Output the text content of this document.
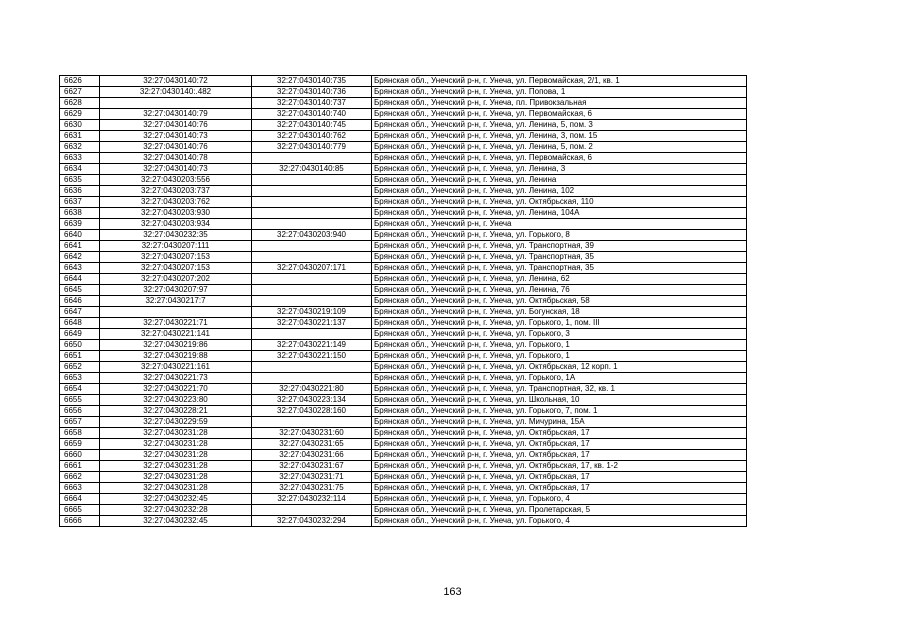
6626	32:27:0430140:72	32:27:0430140:735	Брянская обл., Унечский р-н, г. Унеча, ул. Первомайская, 2/1, кв. 1
6627	32:27:0430140:.482	32:27:0430140:736	Брянская обл., Унечский р-н, г. Унеча, ул. Попова, 1
6628		32:27:0430140:737	Брянская обл., Унечский р-н, г. Унеча, пл. Привокзальная
6629	32:27:0430140:79	32:27:0430140:740	Брянская обл., Унечский р-н, г. Унеча, ул. Первомайская, 6
6630	32:27:0430140:76	32:27:0430140:745	Брянская обл., Унечский р-н, г. Унеча, ул. Ленина, 5, пом. 3
6631	32:27:0430140:73	32:27:0430140:762	Брянская обл., Унечский р-н, г. Унеча, ул. Ленина, 3, пом. 15
6632	32:27:0430140:76	32:27:0430140:779	Брянская обл., Унечский р-н, г. Унеча, ул. Ленина, 5, пом. 2
6633	32:27:0430140:78		Брянская обл., Унечский р-н, г. Унеча, ул. Первомайская, 6
6634	32:27:0430140:73	32:27:0430140:85	Брянская обл., Унечский р-н, г. Унеча, ул. Ленина, 3
6635	32:27:0430203:556		Брянская обл., Унечский р-н, г. Унеча, ул. Ленина
6636	32:27:0430203:737		Брянская обл., Унечский р-н, г. Унеча, ул. Ленина, 102
6637	32:27:0430203:762		Брянская обл., Унечский р-н, г. Унеча, ул. Октябрьская, 110
6638	32:27:0430203:930		Брянская обл., Унечский р-н, г. Унеча, ул. Ленина, 104А
6639	32:27:0430203:934		Брянская обл., Унечский р-н, г. Унеча
6640	32:27:0430232:35	32:27:0430203:940	Брянская обл., Унечский р-н, г. Унеча, ул. Горького, 8
6641	32:27:0430207:111		Брянская обл., Унечский р-н, г. Унеча, ул. Транспортная, 39
6642	32:27:0430207:153		Брянская обл., Унечский р-н, г. Унеча, ул. Транспортная, 35
6643	32:27:0430207:153	32:27:0430207:171	Брянская обл., Унечский р-н, г. Унеча, ул. Транспортная, 35
6644	32:27:0430207:202		Брянская обл., Унечский р-н, г. Унеча, ул. Ленина, 62
6645	32:27:0430207:97		Брянская обл., Унечский р-н, г. Унеча, ул. Ленина, 76
6646	32:27:0430217:7		Брянская обл., Унечский р-н, г. Унеча, ул. Октябрьская, 58
6647		32:27:0430219:109	Брянская обл., Унечский р-н, г. Унеча, ул. Богунская, 18
6648	32:27:0430221:71	32:27:0430221:137	Брянская обл., Унечский р-н, г. Унеча, ул. Горького, 1, пом. III
6649	32:27:0430221:141		Брянская обл., Унечский р-н, г. Унеча, ул. Горького, 3
6650	32:27:0430219:86	32:27:0430221:149	Брянская обл., Унечский р-н, г. Унеча, ул. Горького, 1
6651	32:27:0430219:88	32:27:0430221:150	Брянская обл., Унечский р-н, г. Унеча, ул. Горького, 1
6652	32:27:0430221:161		Брянская обл., Унечский р-н, г. Унеча, ул. Октябрьская, 12 корп. 1
6653	32:27:0430221:73		Брянская обл., Унечский р-н, г. Унеча, ул. Горького, 1А
6654	32:27:0430221:70	32:27:0430221:80	Брянская обл., Унечский р-н, г. Унеча, ул. Транспортная, 32, кв. 1
6655	32:27:0430223:80	32:27:0430223:134	Брянская обл., Унечский р-н, г. Унеча, ул. Школьная, 10
6656	32:27:0430228:21	32:27:0430228:160	Брянская обл., Унечский р-н, г. Унеча, ул. Горького, 7, пом. 1
6657	32:27:0430229:59		Брянская обл., Унечский р-н, г. Унеча, ул. Мичурина, 15А
6658	32:27:0430231:28	32:27:0430231:60	Брянская обл., Унечский р-н, г. Унеча, ул. Октябрьская, 17
6659	32:27:0430231:28	32:27:0430231:65	Брянская обл., Унечский р-н, г. Унеча, ул. Октябрьская, 17
6660	32:27:0430231:28	32:27:0430231:66	Брянская обл., Унечский р-н, г. Унеча, ул. Октябрьская, 17
6661	32:27:0430231:28	32:27:0430231:67	Брянская обл., Унечский р-н, г. Унеча, ул. Октябрьская, 17, кв. 1-2
6662	32:27:0430231:28	32:27:0430231:71	Брянская обл., Унечский р-н, г. Унеча, ул. Октябрьская, 17
6663	32:27:0430231:28	32:27:0430231:75	Брянская обл., Унечский р-н, г. Унеча, ул. Октябрьская, 17
6664	32:27:0430232:45	32:27:0430232:114	Брянская обл., Унечский р-н, г. Унеча, ул. Горького, 4
6665	32:27:0430232:28		Брянская обл., Унечский р-н, г. Унеча, ул. Пролетарская, 5
6666	32:27:0430232:45	32:27:0430232:294	Брянская обл., Унечский р-н, г. Унеча, ул. Горького, 4
163
